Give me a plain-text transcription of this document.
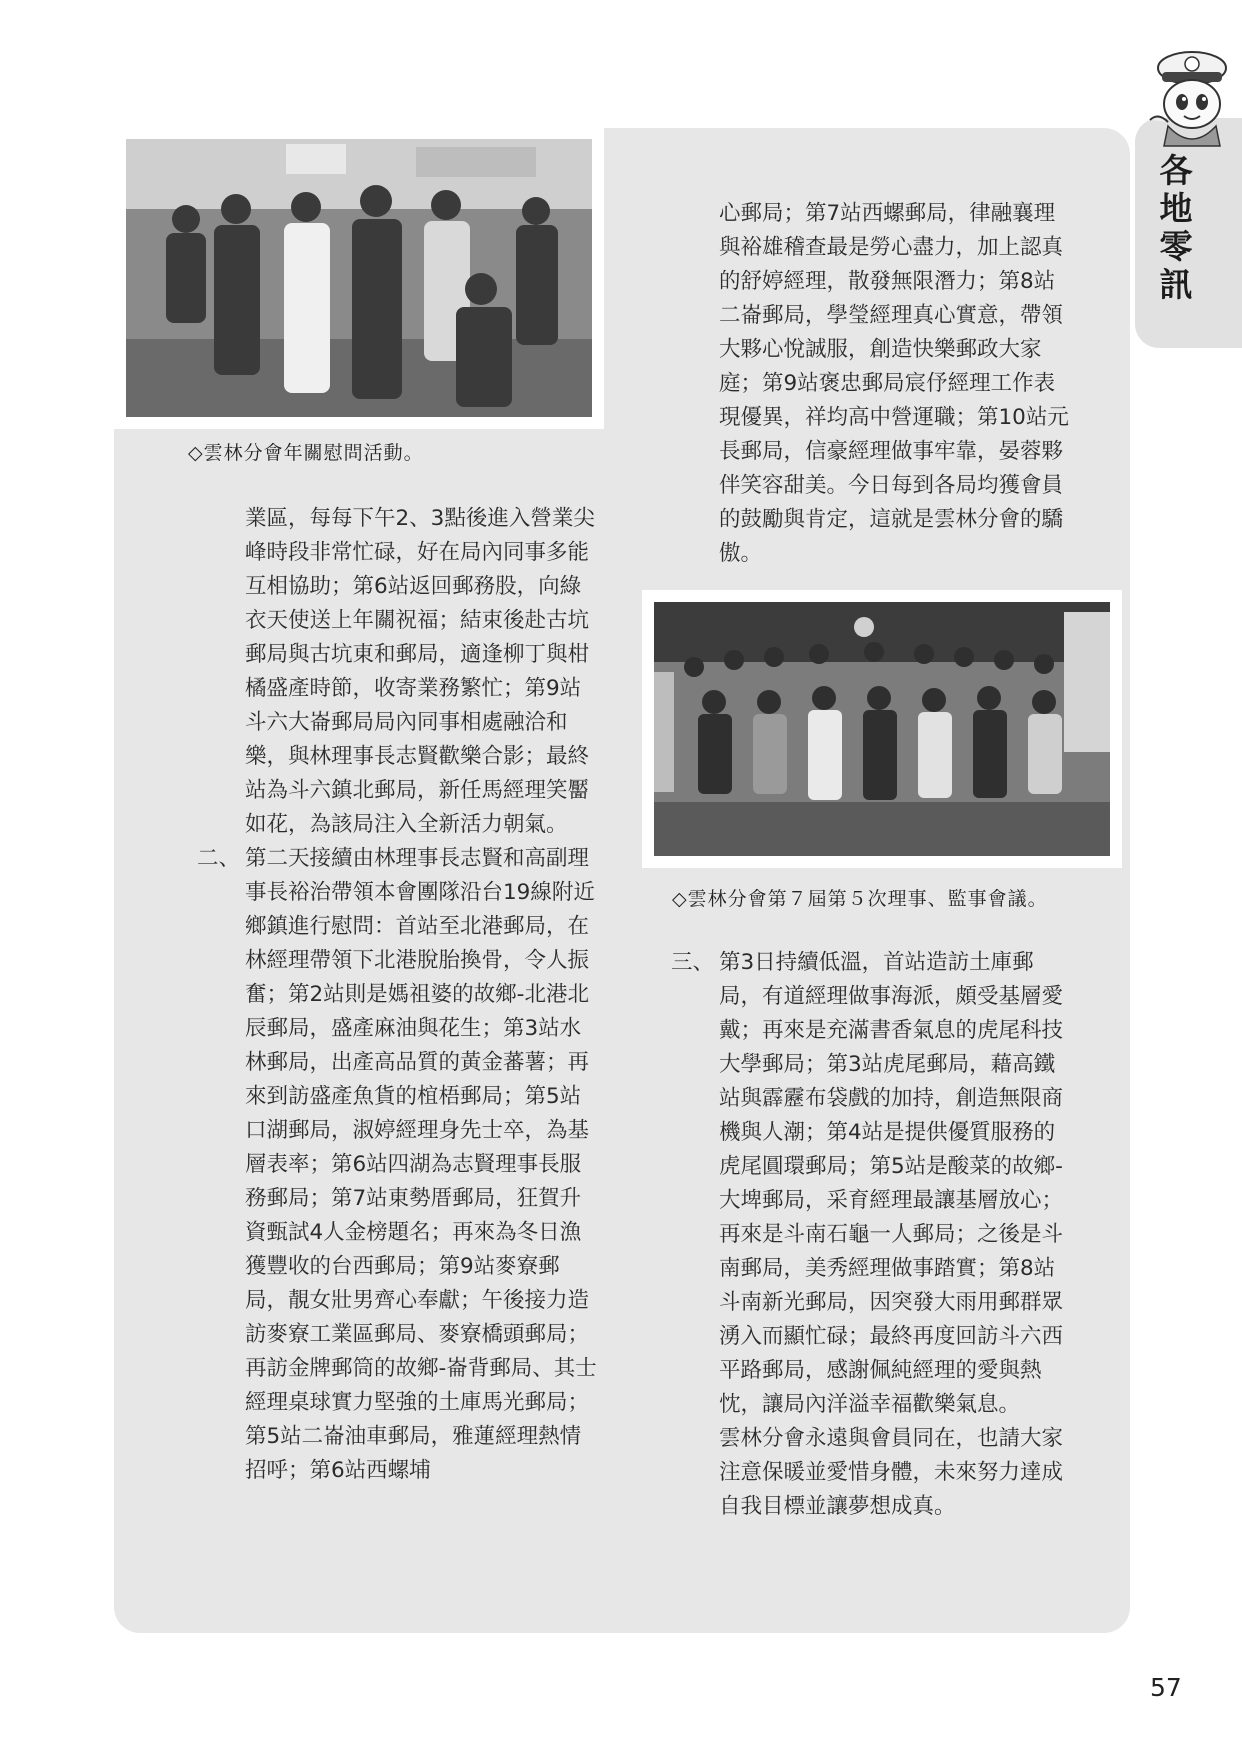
各地零訊
◇雲林分會年關慰問活動。

業區，每每下午2、3點後進入營業尖峰時段非常忙碌，好在局內同事多能互相協助；第6站返回郵務股，向綠衣天使送上年關祝福；結束後赴古坑郵局與古坑東和郵局，適逢柳丁與柑橘盛產時節，收寄業務繁忙；第9站斗六大崙郵局局內同事相處融洽和樂，與林理事長志賢歡樂合影；最終站為斗六鎮北郵局，新任馬經理笑靨如花，為該局注入全新活力朝氣。

二、 第二天接續由林理事長志賢和高副理事長裕治帶領本會團隊沿台19線附近鄉鎮進行慰問：首站至北港郵局，在林經理帶領下北港脫胎換骨，令人振奮；第2站則是媽祖婆的故鄉-北港北辰郵局，盛產麻油與花生；第3站水林郵局，出產高品質的黃金蕃薯；再來到訪盛產魚貨的椬梧郵局；第5站口湖郵局，淑婷經理身先士卒，為基層表率；第6站四湖為志賢理事長服務郵局；第7站東勢厝郵局，狂賀升資甄試4人金榜題名；再來為冬日漁獲豐收的台西郵局；第9站麥寮郵局，靚女壯男齊心奉獻；午後接力造訪麥寮工業區郵局、麥寮橋頭郵局；再訪金牌郵筒的故鄉-崙背郵局、其士經理桌球實力堅強的土庫馬光郵局；第5站二崙油車郵局，雅蓮經理熱情招呼；第6站西螺埔

心郵局；第7站西螺郵局，律融襄理與裕雄稽查最是勞心盡力，加上認真的舒婷經理，散發無限潛力；第8站二崙郵局，學瑩經理真心實意，帶領大夥心悅誠服，創造快樂郵政大家庭；第9站褒忠郵局宸伃經理工作表現優異，祥均高中營運職；第10站元長郵局，信豪經理做事牢靠，晏蓉夥伴笑容甜美。今日每到各局均獲會員的鼓勵與肯定，這就是雲林分會的驕傲。

◇雲林分會第７屆第５次理事、監事會議。
三、 第3日持續低溫，首站造訪土庫郵局，有道經理做事海派，頗受基層愛戴；再來是充滿書香氣息的虎尾科技大學郵局；第3站虎尾郵局，藉高鐵站與霹靂布袋戲的加持，創造無限商機與人潮；第4站是提供優質服務的虎尾圓環郵局；第5站是酸菜的故鄉-大埤郵局，采育經理最讓基層放心；再來是斗南石龜一人郵局；之後是斗南郵局，美秀經理做事踏實；第8站斗南新光郵局，因突發大雨用郵群眾湧入而顯忙碌；最終再度回訪斗六西平路郵局，感謝佩純經理的愛與熱忱，讓局內洋溢幸福歡樂氣息。

雲林分會永遠與會員同在，也請大家注意保暖並愛惜身體，未來努力達成自我目標並讓夢想成真。

57
